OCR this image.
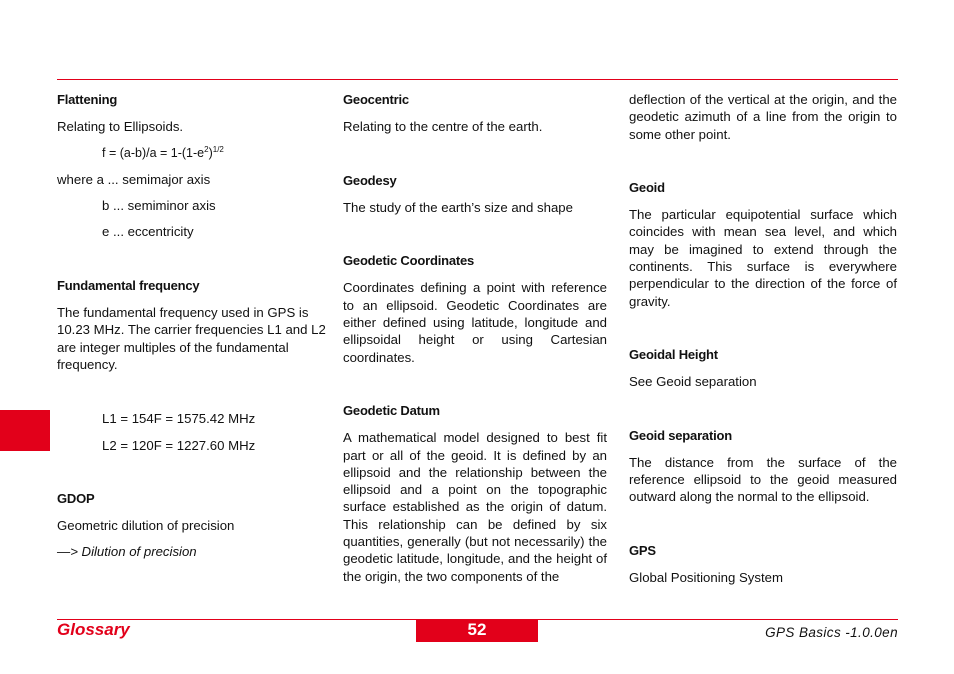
Flattening

Relating to Ellipsoids.

$f = (a-b)/a = 1-(1-e^2)^{1/2}$

where a ... semimajor axis

b ... semiminor axis

e ... eccentricity

Fundamental frequency

The fundamental frequency used in GPS is 10.23 MHz. The carrier frequencies L1 and L2 are integer multiples of the fundamental frequency.

L1 = 154F = 1575.42 MHz

L2 = 120F = 1227.60 MHz

GDOP

Geometric dilution of precision

—> Dilution of precision

Geocentric

Relating to the centre of the earth.

Geodesy

The study of the earth’s size and shape

Geodetic Coordinates

Coordinates defining a point with reference to an ellipsoid. Geodetic Coordinates are either defined using latitude, longitude and ellipsoidal height or using Cartesian coordinates.

Geodetic Datum

A mathematical model designed to best fit part or all of the geoid. It is defined by an ellipsoid and the relationship between the ellipsoid and a point on the topographic surface established as the origin of datum. This relationship can be defined by six quantities, generally (but not necessarily) the geodetic latitude, longitude, and the height of the origin, the two components of the

deflection of the vertical at the origin, and the geodetic azimuth of a line from the origin to some other point.

Geoid

The particular equipotential surface which coincides with mean sea level, and which may be imagined to extend through the continents. This surface is everywhere perpendicular to the direction of the force of gravity.

Geoidal Height

See Geoid separation

Geoid separation

The distance from the surface of the reference ellipsoid to the geoid measured outward along the normal to the ellipsoid.

GPS

Global Positioning System

Glossary	52	GPS Basics -1.0.0en
